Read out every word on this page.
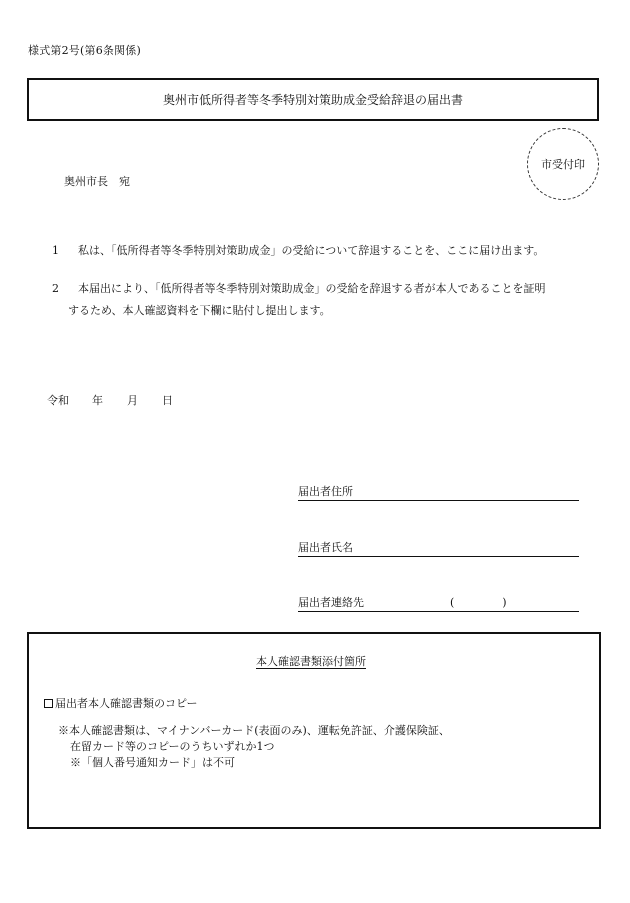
様式第2号(第6条関係)
奥州市低所得者等冬季特別対策助成金受給辞退の届出書
市受付印
奥州市長　宛
1 私は、「低所得者等冬季特別対策助成金」の受給について辞退することを、ここに届け出ます。
2 本届出により、「低所得者等冬季特別対策助成金」の受給を辞退する者が本人であることを証明
するため、本人確認資料を下欄に貼付し提出します。
令和	年	月	日
届出者住所
届出者氏名
届出者連絡先	(	)
本人確認書類添付箇所
届出者本人確認書類のコピー
※本人確認書類は、マイナンバーカード(表面のみ)、運転免許証、介護保険証、
在留カード等のコピーのうちいずれか1つ
※「個人番号通知カード」は不可
